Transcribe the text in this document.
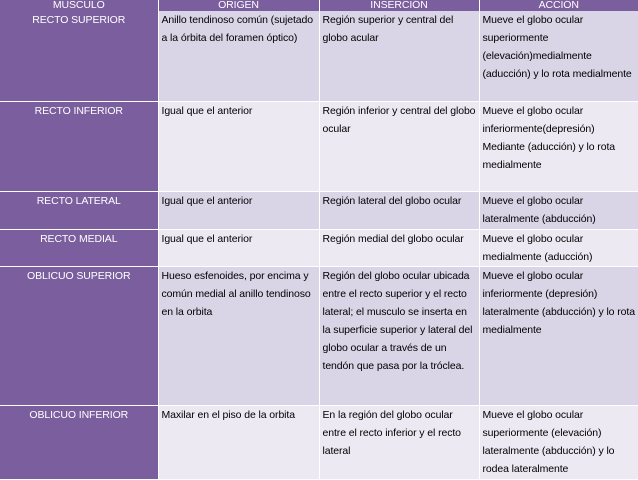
MUSCULO	ORIGEN	INSERCIÓN	ACCIÓN
RECTO SUPERIOR	Anillo tendinoso común (sujetado a la órbita del foramen óptico)	Región superior y central del globo acular	Mueve el globo ocular superiormente (elevación)medialmente (aducción) y lo rota medialmente
RECTO INFERIOR	Igual que el anterior	Región inferior y central del globo ocular	Mueve el globo ocular inferiormente(depresión) Mediante (aducción) y lo rota medialmente
RECTO LATERAL	Igual que el anterior	Región lateral del globo ocular	Mueve el globo ocular lateralmente (abducción)
RECTO MEDIAL	Igual que el anterior	Región medial del globo ocular	Mueve el globo ocular medialmente (aducción)
OBLICUO SUPERIOR	Hueso esfenoides, por encima y común medial al anillo tendinoso en la orbita	Región del globo ocular ubicada entre el recto superior y el recto lateral; el musculo se inserta en la superficie superior y lateral del globo ocular a través de un tendón que pasa por la tróclea.	Mueve el globo ocular inferiormente (depresión) lateralmente (abducción) y lo rota medialmente
OBLICUO INFERIOR	Maxilar en el piso de la orbita	En la región del globo ocular entre el recto inferior y el recto lateral	Mueve el globo ocular superiormente (elevación) lateralmente (abducción) y lo rodea lateralmente
